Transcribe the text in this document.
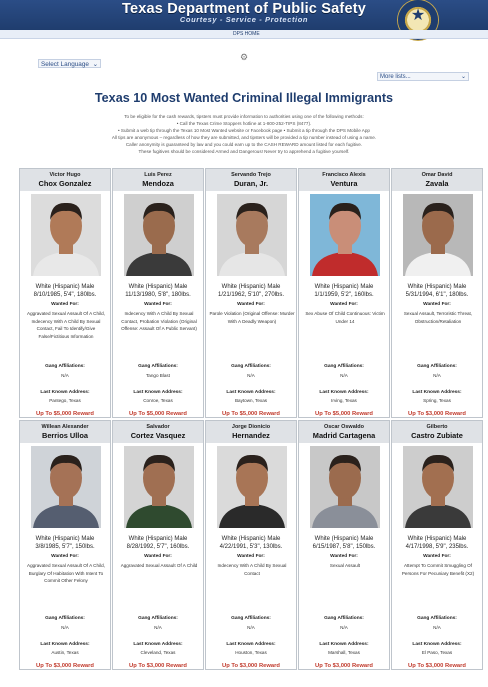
Texas Department of Public Safety
Courtesy - Service - Protection	★
DPS HOME
⚙
Select Language ⌄
More lists...	⌄
Texas 10 Most Wanted Criminal Illegal Immigrants
To be eligible for the cash rewards, tipsters must provide information to authorities using one of the following methods:
• Call the Texas Crime Stoppers hotline at 1-800-252-TIPS (8477).
• Submit a web tip through the Texas 10 Most Wanted website or Facebook page • Submit a tip through the DPS Mobile App
All tips are anonymous – regardless of how they are submitted, and tipsters will be provided a tip number instead of using a name.
Caller anonymity is guaranteed by law and you could earn up to the CASH REWARD amount listed for each fugitive.
These fugitives should be considered Armed and Dangerous! Never try to apprehend a fugitive yourself.
Victor Hugo
Chox Gonzalez
White (Hispanic) Male
8/10/1985, 5'4", 180lbs.
Wanted For:
Aggravated Sexual Assault Of A Child, Indecency With A Child By Sexual Contact, Fail To Identify/Give False/Fictitious Information
Gang Affiliations:
N/A
Last Known Address:
Pantego, Texas
Up To $5,000 Reward
Luis Perez
Mendoza
White (Hispanic) Male
11/13/1980, 5'8", 180lbs.
Wanted For:
Indecency With A Child By Sexual Contact, Probation Violation (Original Offense: Assault Of A Public Servant)
Gang Affiliations:
Tango Blast
Last Known Address:
Conroe, Texas
Up To $5,000 Reward
Servando Trejo
Duran, Jr.
White (Hispanic) Male
1/21/1962, 5'10", 270lbs.
Wanted For:
Parole Violation (Original Offense: Murder With A Deadly Weapon)
Gang Affiliations:
N/A
Last Known Address:
Baytown, Texas
Up To $5,000 Reward
Francisco Alexis
Ventura
White (Hispanic) Male
1/1/1959, 5'2", 160lbs.
Wanted For:
Sex Abuse Of Child Continuous: Victim Under 14
Gang Affiliations:
N/A
Last Known Address:
Irving, Texas
Up To $5,000 Reward
Omar David
Zavala
White (Hispanic) Male
5/31/1994, 6'1", 180lbs.
Wanted For:
Sexual Assault, Terroristic Threat, Obstruction/Retaliation
Gang Affiliations:
N/A
Last Known Address:
Spring, Texas
Up To $3,000 Reward
Willean Alexander
Berrios Ulloa
White (Hispanic) Male
3/8/1985, 5'7", 150lbs.
Wanted For:
Aggravated Sexual Assault Of A Child, Burglary Of Habitation With Intent To Commit Other Felony
Gang Affiliations:
N/A
Last Known Address:
Austin, Texas
Up To $3,000 Reward
Salvador
Cortez Vasquez
White (Hispanic) Male
8/28/1992, 5'7", 160lbs.
Wanted For:
Aggravated Sexual Assault Of A Child
Gang Affiliations:
N/A
Last Known Address:
Cleveland, Texas
Up To $3,000 Reward
Jorge Dionicio
Hernandez
White (Hispanic) Male
4/22/1991, 5'3", 130lbs.
Wanted For:
Indecency With A Child By Sexual Contact
Gang Affiliations:
N/A
Last Known Address:
Houston, Texas
Up To $3,000 Reward
Oscar Oswaldo
Madrid Cartagena
White (Hispanic) Male
6/15/1987, 5'8", 150lbs.
Wanted For:
Sexual Assault
Gang Affiliations:
N/A
Last Known Address:
Marshall, Texas
Up To $3,000 Reward
Gilberto
Castro Zubiate
White (Hispanic) Male
4/17/1998, 5'9", 235lbs.
Wanted For:
Attempt To Commit Smuggling Of Persons For Pecuniary Benefit (X2)
Gang Affiliations:
N/A
Last Known Address:
El Paso, Texas
Up To $3,000 Reward
